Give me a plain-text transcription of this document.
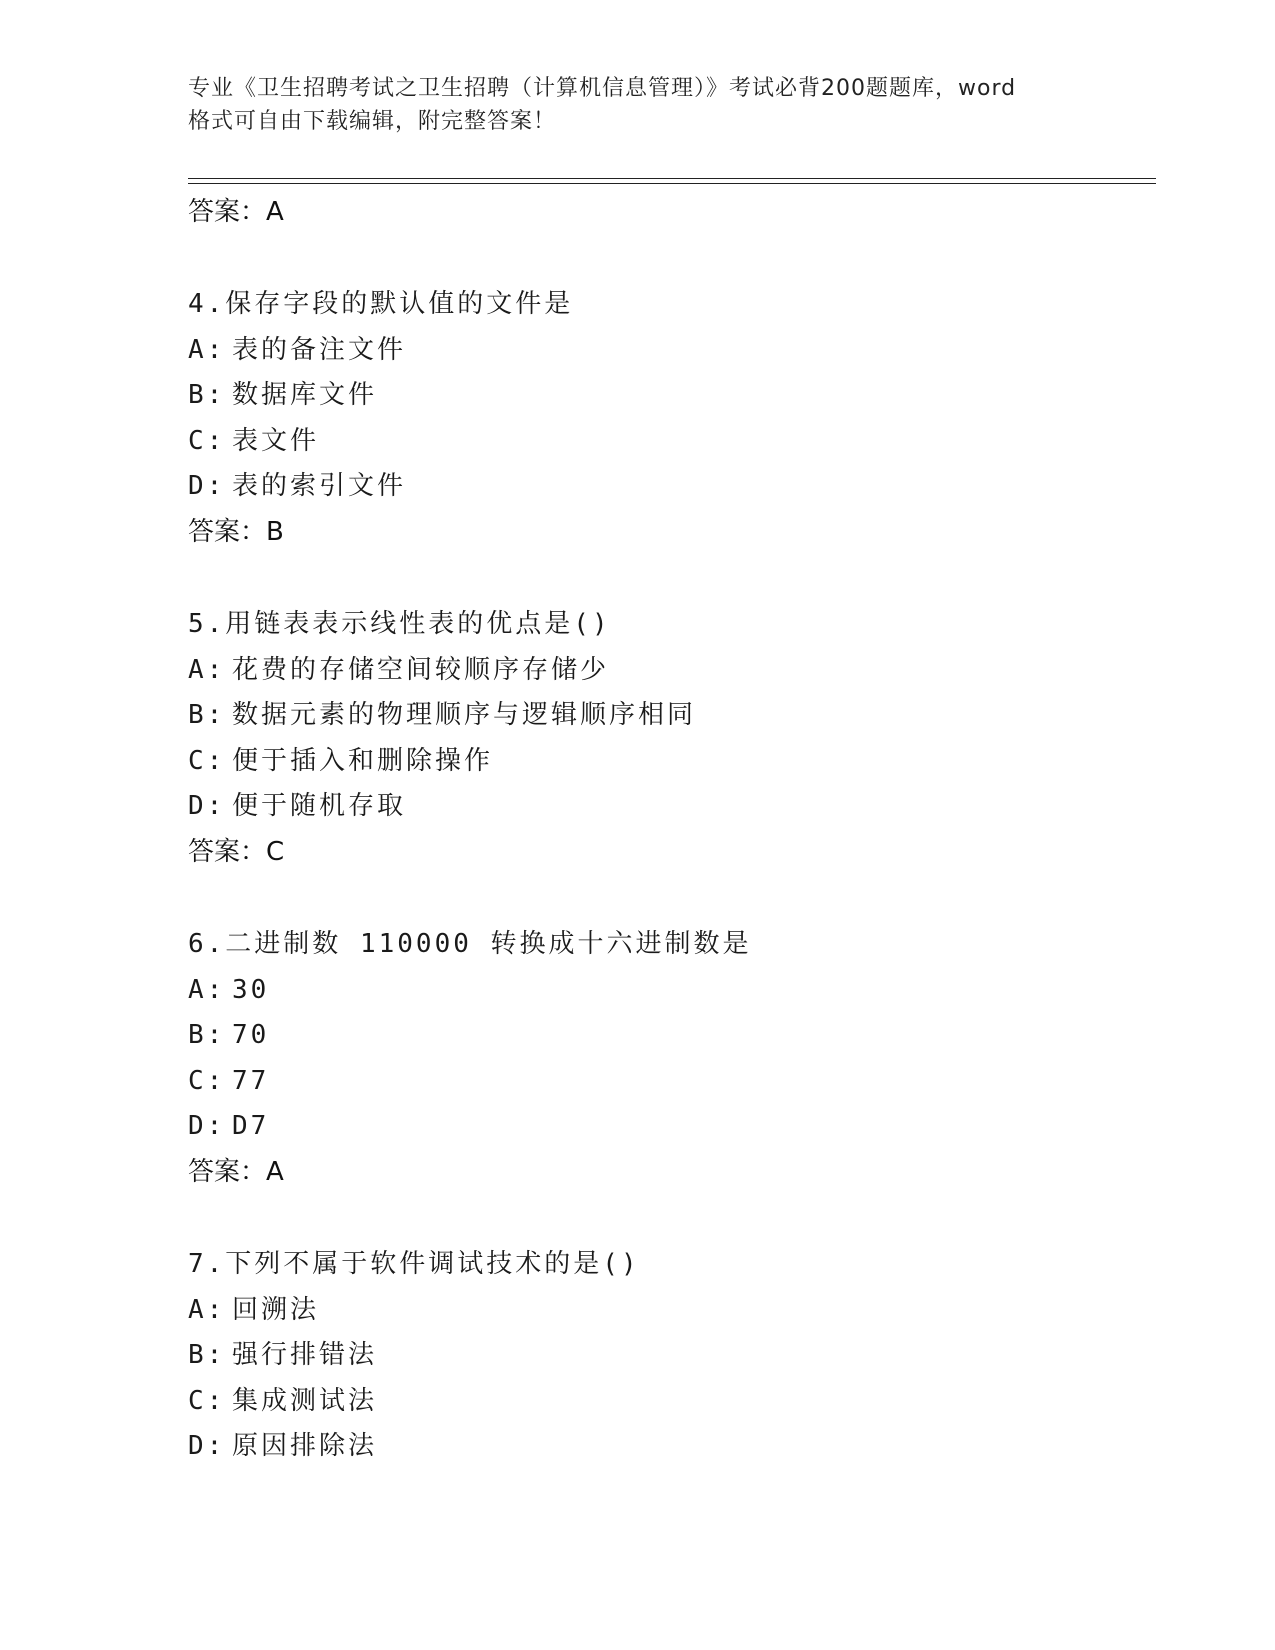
专业《卫生招聘考试之卫生招聘（计算机信息管理）》考试必背200题题库，word
格式可自由下载编辑，附完整答案！
答案：A
4.保存字段的默认值的文件是
A: 表的备注文件
B: 数据库文件
C: 表文件
D: 表的索引文件
答案：B
5.用链表表示线性表的优点是()
A: 花费的存储空间较顺序存储少
B: 数据元素的物理顺序与逻辑顺序相同
C: 便于插入和删除操作
D: 便于随机存取
答案：C
6.二进制数 110000 转换成十六进制数是
A: 30
B: 70
C: 77
D: D7
答案：A
7.下列不属于软件调试技术的是()
A: 回溯法
B: 强行排错法
C: 集成测试法
D: 原因排除法
